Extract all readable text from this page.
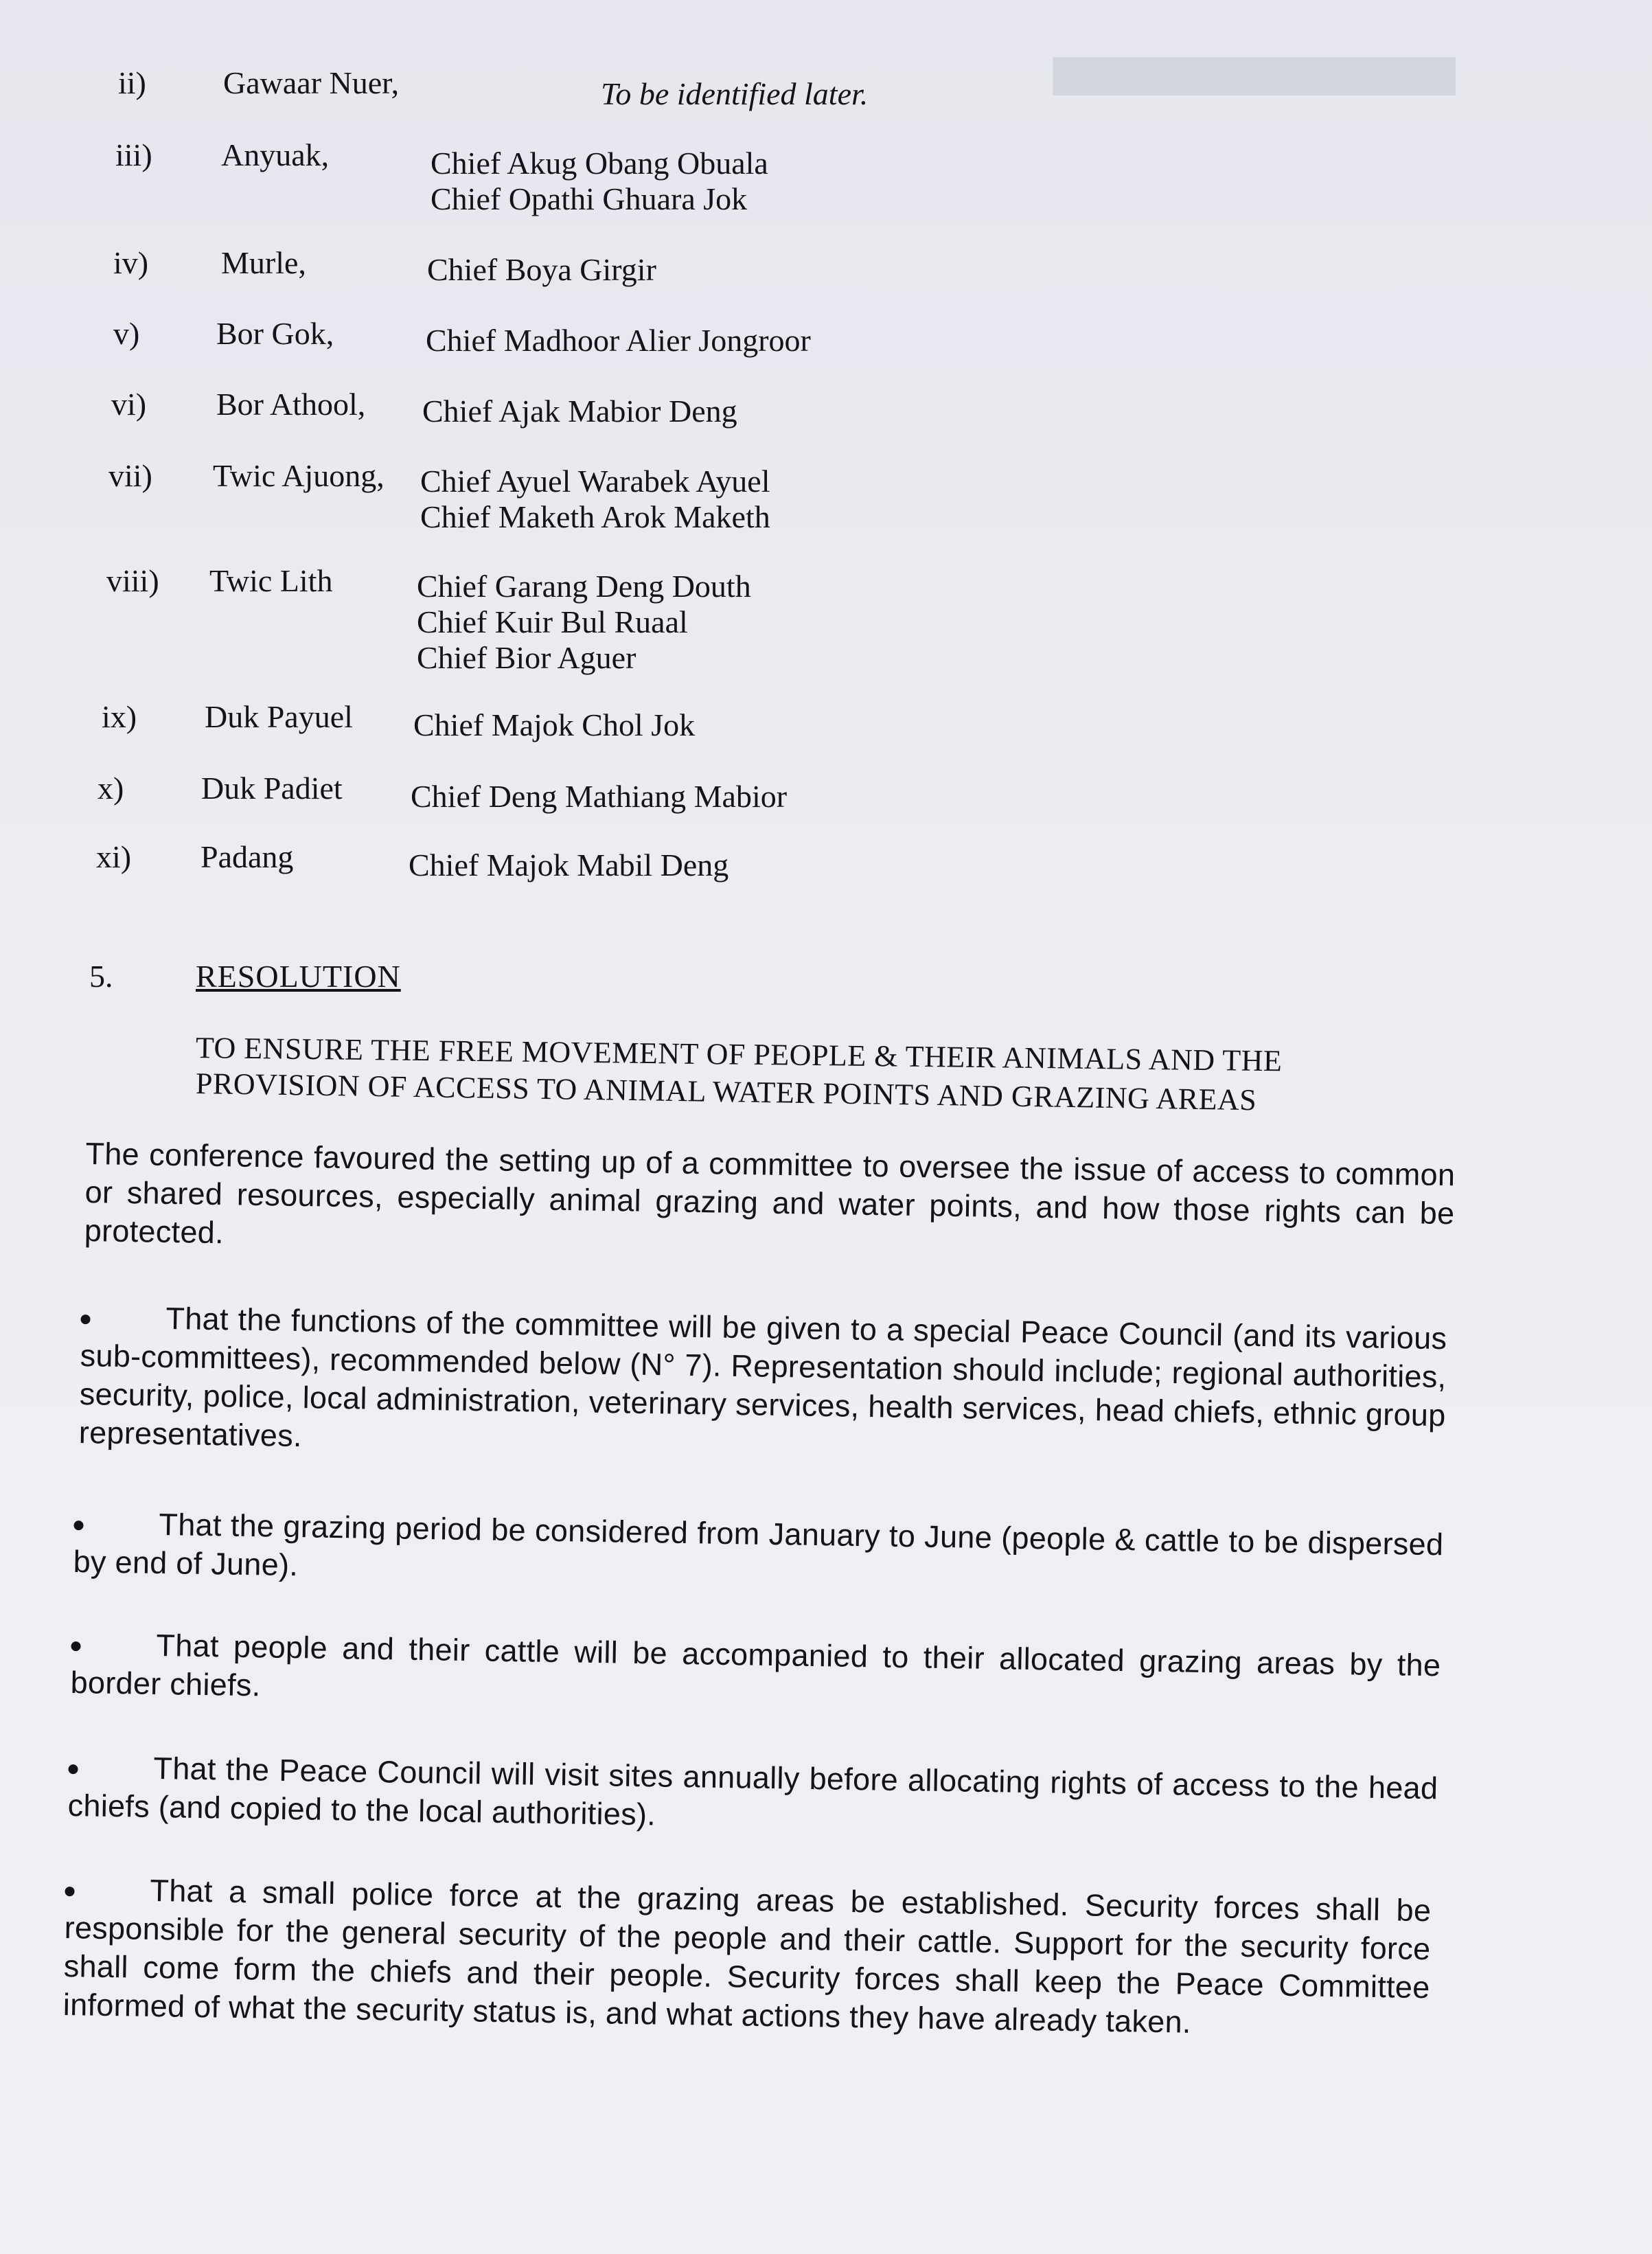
██████████████████
ii)	Gawaar Nuer,	To be identified later.
iii)	Anyuak,	Chief Akug Obang Obuala
Chief Opathi Ghuara Jok
iv)	Murle,	Chief Boya Girgir
v)	Bor Gok,	Chief Madhoor Alier Jongroor
vi)	Bor Athool, Chief Ajak Mabior Deng
vii)	Twic Ajuong, Chief Ayuel Warabek Ayuel
Chief Maketh Arok Maketh
viii)	Twic Lith	Chief Garang Deng Douth
Chief Kuir Bul Ruaal
Chief Bior Aguer
ix)	Duk Payuel Chief Majok Chol Jok
x)	Duk Padiet Chief Deng Mathiang Mabior
xi)	Padang	Chief Majok Mabil Deng
5.	RESOLUTION
TO ENSURE THE FREE MOVEMENT OF PEOPLE & THEIR ANIMALS AND THE
PROVISION OF ACCESS TO ANIMAL WATER POINTS AND GRAZING AREAS
The conference favoured the setting up of a committee to oversee the issue of access to common or shared resources, especially animal grazing and water points, and how those rights can be protected.
That the functions of the committee will be given to a special Peace Council (and its various sub-committees), recommended below (N° 7). Representation should include; regional authorities, security, police, local administration, veterinary services, health services, head chiefs, ethnic group representatives.
That the grazing period be considered from January to June (people & cattle to be dispersed by end of June).
That people and their cattle will be accompanied to their allocated grazing areas by the border chiefs.
That the Peace Council will visit sites annually before allocating rights of access to the head chiefs (and copied to the local authorities).
That a small police force at the grazing areas be established. Security forces shall be responsible for the general security of the people and their cattle. Support for the security force shall come form the chiefs and their people. Security forces shall keep the Peace Committee informed of what the security status is, and what actions they have already taken.
